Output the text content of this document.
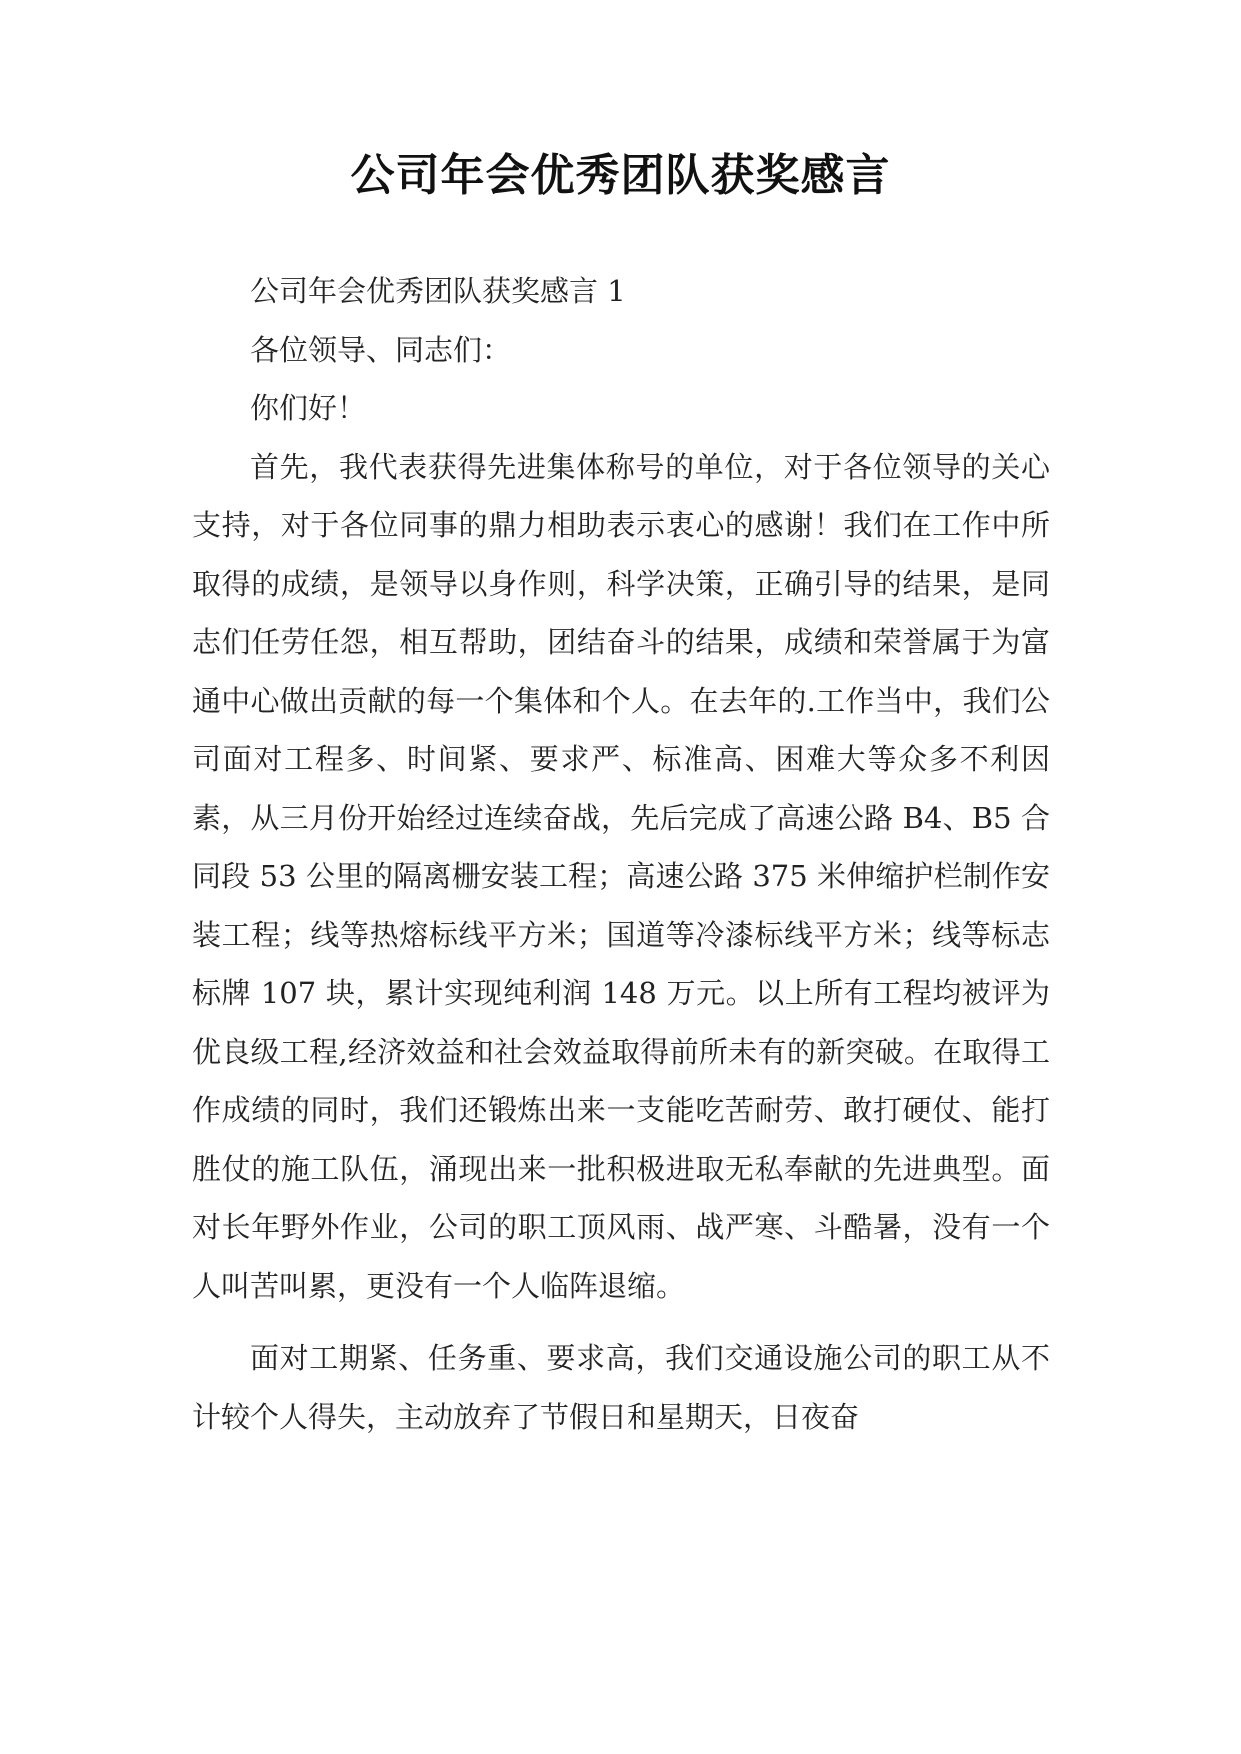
公司年会优秀团队获奖感言

公司年会优秀团队获奖感言 1

各位领导、同志们：

你们好！

首先，我代表获得先进集体称号的单位，对于各位领导的关心支持，对于各位同事的鼎力相助表示衷心的感谢！我们在工作中所取得的成绩，是领导以身作则，科学决策，正确引导的结果，是同志们任劳任怨，相互帮助，团结奋斗的结果，成绩和荣誉属于为富通中心做出贡献的每一个集体和个人。在去年的.工作当中，我们公司面对工程多、时间紧、要求严、标准高、困难大等众多不利因素，从三月份开始经过连续奋战，先后完成了高速公路 B4、B5 合同段 53 公里的隔离栅安装工程；高速公路 375 米伸缩护栏制作安装工程；线等热熔标线平方米；国道等冷漆标线平方米；线等标志标牌 107 块，累计实现纯利润 148 万元。以上所有工程均被评为优良级工程,经济效益和社会效益取得前所未有的新突破。在取得工作成绩的同时，我们还锻炼出来一支能吃苦耐劳、敢打硬仗、能打胜仗的施工队伍，涌现出来一批积极进取无私奉献的先进典型。面对长年野外作业，公司的职工顶风雨、战严寒、斗酷暑，没有一个人叫苦叫累，更没有一个人临阵退缩。

面对工期紧、任务重、要求高，我们交通设施公司的职工从不计较个人得失，主动放弃了节假日和星期天，日夜奋
